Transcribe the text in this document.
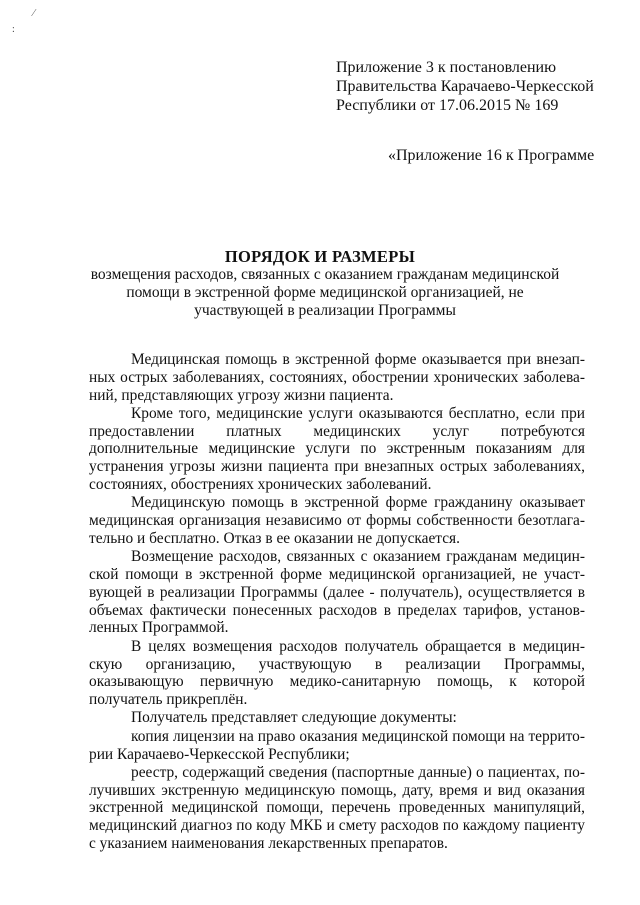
⁄
:
Приложение 3 к постановлению
Правительства Карачаево-Черкесской
Республики от 17.06.2015 № 169
«Приложение 16 к Программе
ПОРЯДОК И РАЗМЕРЫ
возмещения расходов, связанных с оказанием гражданам медицинской помощи в экстренной форме медицинской организацией, не участвующей в реализации Программы

Медицинская помощь в экстренной форме оказывается при внезапных острых заболеваниях, состояниях, обострении хронических заболеваний, представляющих угрозу жизни пациента.

Кроме того, медицинские услуги оказываются бесплатно, если при предоставлении платных медицинских услуг потребуются дополнительные медицинские услуги по экстренным показаниям для устранения угрозы жизни пациента при внезапных острых заболеваниях, состояниях, обострениях хронических заболеваний.

Медицинскую помощь в экстренной форме гражданину оказывает медицинская организация независимо от формы собственности безотлагательно и бесплатно. Отказ в ее оказании не допускается.

Возмещение расходов, связанных с оказанием гражданам медицинской помощи в экстренной форме медицинской организацией, не участвующей в реализации Программы (далее - получатель), осуществляется в объемах фактически понесенных расходов в пределах тарифов, установленных Программой.

В целях возмещения расходов получатель обращается в медицинскую организацию, участвующую в реализации Программы, оказывающую первичную медико-санитарную помощь, к которой получатель прикреплён.

Получатель представляет следующие документы:

копия лицензии на право оказания медицинской помощи на территории Карачаево-Черкесской Республики;

реестр, содержащий сведения (паспортные данные) о пациентах, получивших экстренную медицинскую помощь, дату, время и вид оказания экстренной медицинской помощи, перечень проведенных манипуляций, медицинский диагноз по коду МКБ и смету расходов по каждому пациенту с указанием наименования лекарственных препаратов.
